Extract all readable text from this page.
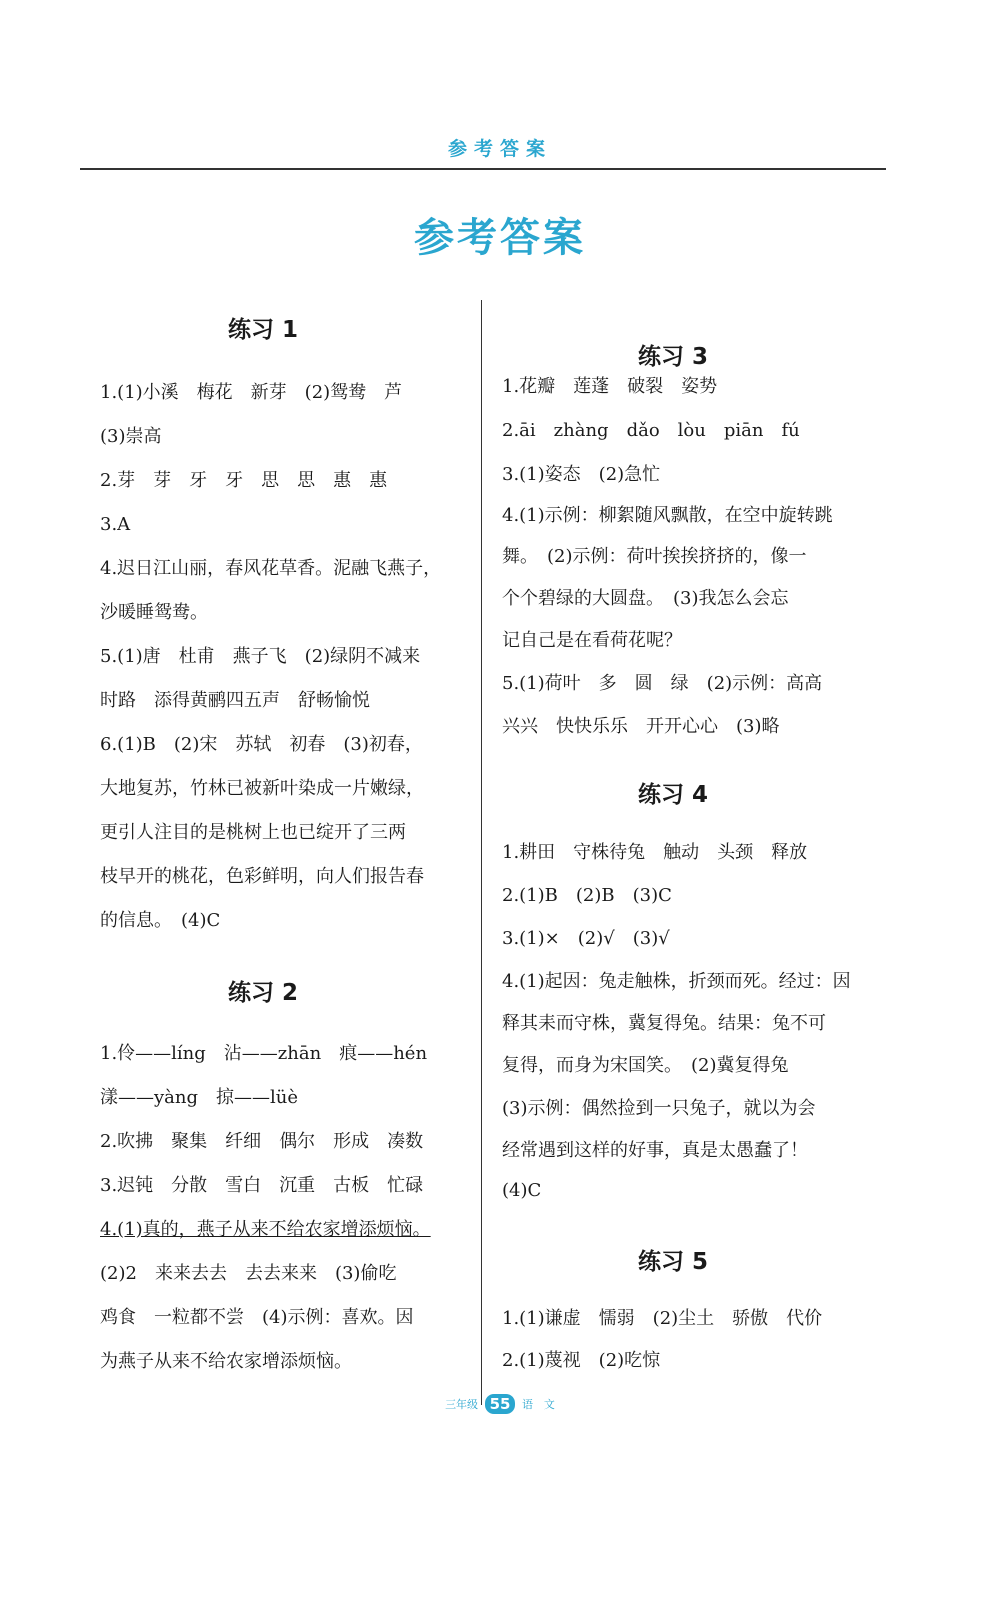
参考答案
参考答案
练习 1
1.(1)小溪　梅花　新芽　(2)鸳鸯　芦
(3)崇高
2.芽　芽　牙　牙　思　思　惠　惠
3.A
4.迟日江山丽，春风花草香。泥融飞燕子，
沙暖睡鸳鸯。
5.(1)唐　杜甫　燕子飞　(2)绿阴不减来
时路　添得黄鹂四五声　舒畅愉悦
6.(1)B　(2)宋　苏轼　初春　(3)初春，
大地复苏，竹林已被新叶染成一片嫩绿，
更引人注目的是桃树上也已绽开了三两
枝早开的桃花，色彩鲜明，向人们报告春
的信息。　(4)C
练习 2
1.伶——líng　沾——zhān　痕——hén
漾——yàng　掠——lüè
2.吹拂　聚集　纤细　偶尔　形成　凑数
3.迟钝　分散　雪白　沉重　古板　忙碌
4.(1)真的，燕子从来不给农家增添烦恼。
(2)2　来来去去　去去来来　(3)偷吃
鸡食　一粒都不尝　(4)示例：喜欢。因
为燕子从来不给农家增添烦恼。
练习 3
1.花瓣　莲蓬　破裂　姿势
2.āi　zhàng　dǎo　lòu　piān　fú
3.(1)姿态　(2)急忙
4.(1)示例：柳絮随风飘散，在空中旋转跳
舞。　(2)示例：荷叶挨挨挤挤的，像一
个个碧绿的大圆盘。　(3)我怎么会忘
记自己是在看荷花呢？
5.(1)荷叶　多　圆　绿　(2)示例：高高
兴兴　快快乐乐　开开心心　(3)略
练习 4
1.耕田　守株待兔　触动　头颈　释放
2.(1)B　(2)B　(3)C
3.(1)×　(2)√　(3)√
4.(1)起因：兔走触株，折颈而死。经过：因
释其耒而守株，冀复得兔。结果：兔不可
复得，而身为宋国笑。　(2)冀复得兔
(3)示例：偶然捡到一只兔子，就以为会
经常遇到这样的好事，真是太愚蠢了！
(4)C
练习 5
1.(1)谦虚　懦弱　(2)尘土　骄傲　代价
2.(1)蔑视　(2)吃惊
三年级 55 语　文
